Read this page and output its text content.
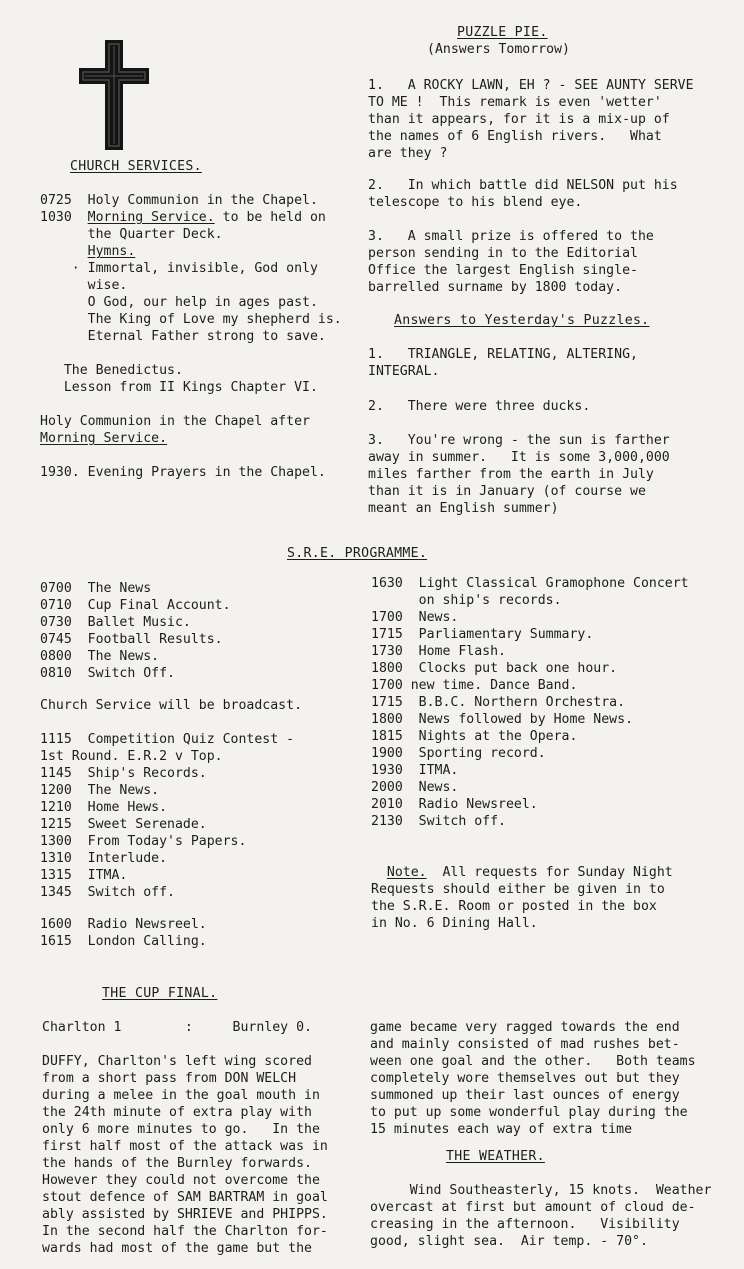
CHURCH SERVICES.
0725  Holy Communion in the Chapel.
1030  Morning Service. to be held on
the Quarter Deck.
Hymns.
· Immortal, invisible, God only
wise.
O God, our help in ages past.
The King of Love my shepherd is.
Eternal Father strong to save.
The Benedictus.
Lesson from II Kings Chapter VI.
Holy Communion in the Chapel after
Morning Service.
1930. Evening Prayers in the Chapel.
PUZZLE PIE.
(Answers Tomorrow)
1.   A ROCKY LAWN, EH ? - SEE AUNTY SERVE
TO ME !  This remark is even 'wetter'
than it appears, for it is a mix-up of
the names of 6 English rivers.   What
are they ?
2.   In which battle did NELSON put his
telescope to his blend eye.
3.   A small prize is offered to the
person sending in to the Editorial
Office the largest English single-
barrelled surname by 1800 today.
Answers to Yesterday's Puzzles.
1.   TRIANGLE, RELATING, ALTERING,
INTEGRAL.
2.   There were three ducks.
3.   You're wrong - the sun is farther
away in summer.   It is some 3,000,000
miles farther from the earth in July
than it is in January (of course we
meant an English summer)
S.R.E. PROGRAMME.
0700  The News
0710  Cup Final Account.
0730  Ballet Music.
0745  Football Results.
0800  The News.
0810  Switch Off.
Church Service will be broadcast.
1115  Competition Quiz Contest -
1st Round. E.R.2 v Top.
1145  Ship's Records.
1200  The News.
1210  Home Hews.
1215  Sweet Serenade.
1300  From Today's Papers.
1310  Interlude.
1315  ITMA.
1345  Switch off.
1600  Radio Newsreel.
1615  London Calling.
1630  Light Classical Gramophone Concert
on ship's records.
1700  News.
1715  Parliamentary Summary.
1730  Home Flash.
1800  Clocks put back one hour.
1700 new time. Dance Band.
1715  B.B.C. Northern Orchestra.
1800  News followed by Home News.
1815  Nights at the Opera.
1900  Sporting record.
1930  ITMA.
2000  News.
2010  Radio Newsreel.
2130  Switch off.

Note.  All requests for Sunday Night
Requests should either be given in to
the S.R.E. Room or posted in the box
in No. 6 Dining Hall.

THE CUP FINAL.
Charlton 1        :     Burnley 0.
DUFFY, Charlton's left wing scored
from a short pass from DON WELCH
during a melee in the goal mouth in
the 24th minute of extra play with
only 6 more minutes to go.   In the
first half most of the attack was in
the hands of the Burnley forwards.
However they could not overcome the
stout defence of SAM BARTRAM in goal
ably assisted by SHRIEVE and PHIPPS.
In the second half the Charlton for-
wards had most of the game but the
game became very ragged towards the end
and mainly consisted of mad rushes bet-
ween one goal and the other.   Both teams
completely wore themselves out but they
summoned up their last ounces of energy
to put up some wonderful play during the
15 minutes each way of extra time
THE WEATHER.
Wind Southeasterly, 15 knots.  Weather
overcast at first but amount of cloud de-
creasing in the afternoon.   Visibility
good, slight sea.  Air temp. - 70°.
